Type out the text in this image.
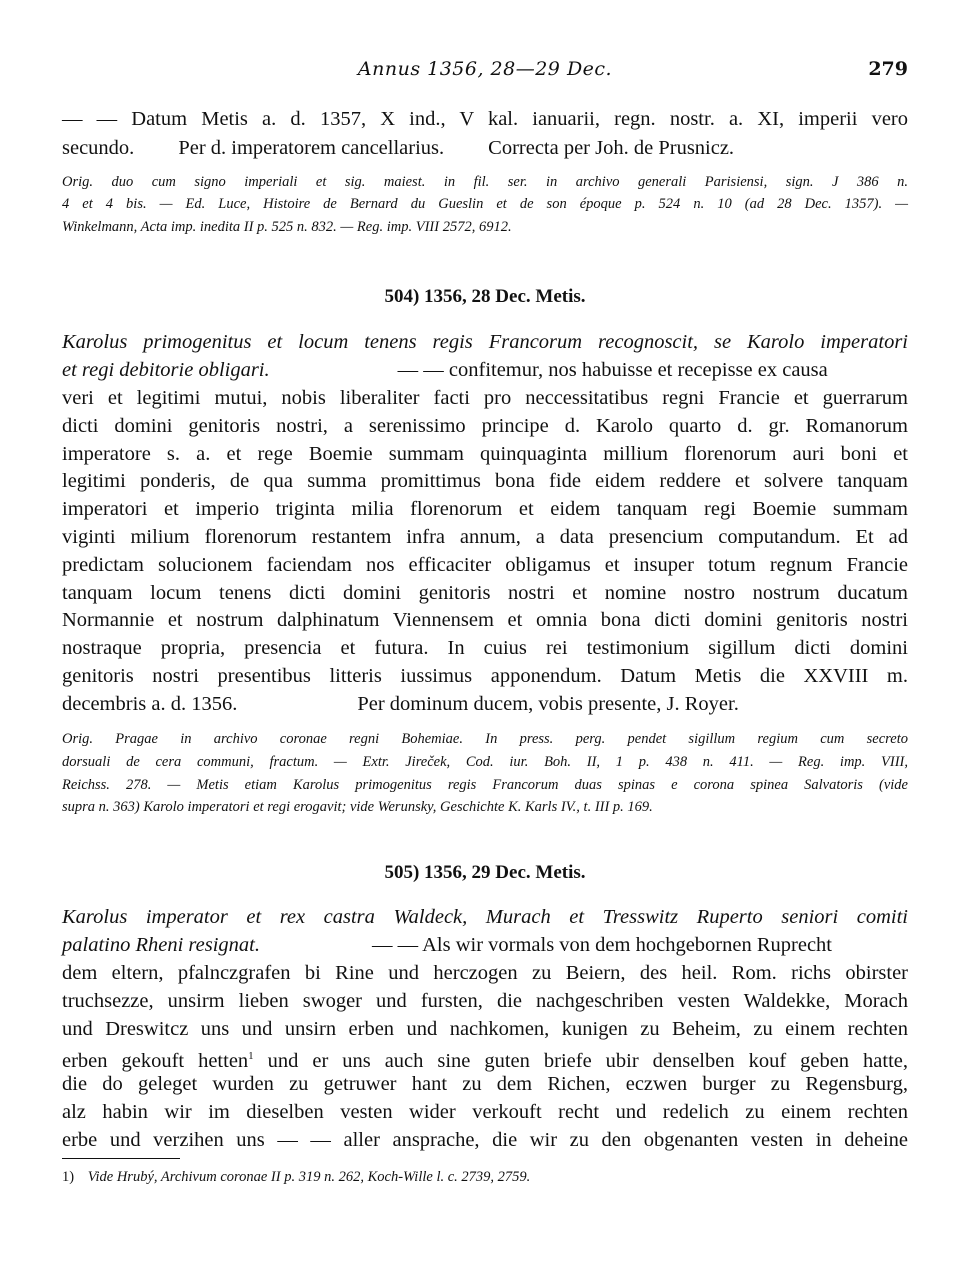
Annus 1356, 28—29 Dec.	279
— — Datum Metis a. d. 1357, X ind., V kal. ianuarii, regn. nostr. a. XI, imperii vero
secundo. Per d. imperatorem cancellarius. Correcta per Joh. de Prusnicz.
Orig. duo cum signo imperiali et sig. maiest. in fil. ser. in archivo generali Parisiensi, sign. J 386 n.
4 et 4 bis. — Ed. Luce, Histoire de Bernard du Gueslin et de son époque p. 524 n. 10 (ad 28 Dec. 1357). —
Winkelmann, Acta imp. inedita II p. 525 n. 832. — Reg. imp. VIII 2572, 6912.
504) 1356, 28 Dec. Metis.
Karolus primogenitus et locum tenens regis Francorum recognoscit, se Karolo imperatori
et regi debitorie obligari.	— — confitemur, nos habuisse et recepisse ex causa
veri et legitimi mutui, nobis liberaliter facti pro neccessitatibus regni Francie et guerrarum
dicti domini genitoris nostri, a serenissimo principe d. Karolo quarto d. gr. Romanorum
imperatore s. a. et rege Boemie summam quinquaginta millium florenorum auri boni et
legitimi ponderis, de qua summa promittimus bona fide eidem reddere et solvere tanquam
imperatori et imperio triginta milia florenorum et eidem tanquam regi Boemie summam
viginti milium florenorum restantem infra annum, a data presencium computandum. Et ad
predictam solucionem faciendam nos efficaciter obligamus et insuper totum regnum Francie
tanquam locum tenens dicti domini genitoris nostri et nomine nostro nostrum ducatum
Normannie et nostrum dalphinatum Viennensem et omnia bona dicti domini genitoris nostri
nostraque propria, presencia et futura. In cuius rei testimonium sigillum dicti domini
genitoris nostri presentibus litteris iussimus apponendum. Datum Metis die XXVIII m.
decembris a. d. 1356.	Per dominum ducem, vobis presente, J. Royer.
Orig. Pragae in archivo coronae regni Bohemiae. In press. perg. pendet sigillum regium cum secreto
dorsuali de cera communi, fractum. — Extr. Jireček, Cod. iur. Boh. II, 1 p. 438 n. 411. — Reg. imp. VIII,
Reichss. 278. — Metis etiam Karolus primogenitus regis Francorum duas spinas e corona spinea Salvatoris (vide
supra n. 363) Karolo imperatori et regi erogavit; vide Werunsky, Geschichte K. Karls IV., t. III p. 169.
505) 1356, 29 Dec. Metis.
Karolus imperator et rex castra Waldeck, Murach et Tresswitz Ruperto seniori comiti
palatino Rheni resignat.	— — Als wir vormals von dem hochgebornen Ruprecht
dem eltern, pfalnczgrafen bi Rine und herczogen zu Beiern, des heil. Rom. richs obirster
truchsezze, unsirm lieben swoger und fursten, die nachgeschriben vesten Waldekke, Morach
und Dreswitcz uns und unsirn erben und nachkomen, kunigen zu Beheim, zu einem rechten
erben gekouft hetten$^1$ und er uns auch sine guten briefe ubir denselben kouf geben hatte,
die do geleget wurden zu getruwer hant zu dem Richen, eczwen burger zu Regensburg,
alz habin wir im dieselben vesten wider verkouft recht und redelich zu einem rechten
erbe und verzihen uns — — aller ansprache, die wir zu den obgenanten vesten in deheine
1) Vide Hrubý, Archivum coronae II p. 319 n. 262, Koch-Wille l. c. 2739, 2759.
